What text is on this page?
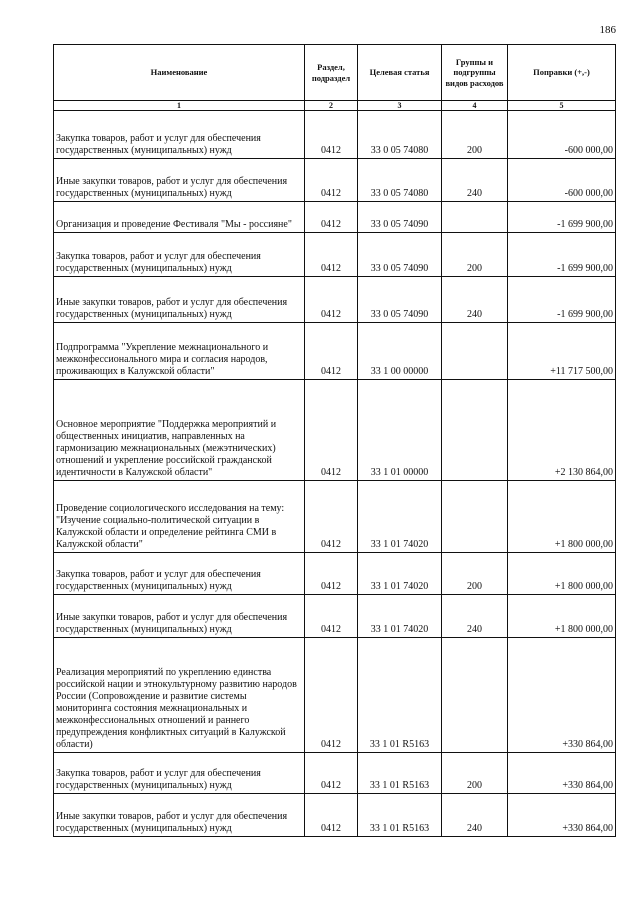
186
Наименование	Раздел, подраздел	Целевая статья	Группы и подгруппы видов расходов	Поправки (+,-)
1	2	3	4	5
Закупка товаров, работ и услуг для обеспечения государственных (муниципальных) нужд	0412	33 0 05 74080	200	-600 000,00
Иные закупки товаров, работ и услуг для обеспечения государственных (муниципальных) нужд	0412	33 0 05 74080	240	-600 000,00
Организация и проведение Фестиваля "Мы - россияне"	0412	33 0 05 74090		-1 699 900,00
Закупка товаров, работ и услуг для обеспечения государственных (муниципальных) нужд	0412	33 0 05 74090	200	-1 699 900,00
Иные закупки товаров, работ и услуг для обеспечения государственных (муниципальных) нужд	0412	33 0 05 74090	240	-1 699 900,00
Подпрограмма "Укрепление межнационального и межконфессионального мира и согласия народов, проживающих в Калужской области"	0412	33 1 00 00000		+11 717 500,00
Основное мероприятие "Поддержка мероприятий и общественных инициатив, направленных на гармонизацию межнациональных (межэтнических) отношений и укрепление российской гражданской идентичности в Калужской области"	0412	33 1 01 00000		+2 130 864,00
Проведение социологического исследования на тему: "Изучение социально-политической ситуации в Калужской области и определение рейтинга СМИ в Калужской области"	0412	33 1 01 74020		+1 800 000,00
Закупка товаров, работ и услуг для обеспечения государственных (муниципальных) нужд	0412	33 1 01 74020	200	+1 800 000,00
Иные закупки товаров, работ и услуг для обеспечения государственных (муниципальных) нужд	0412	33 1 01 74020	240	+1 800 000,00
Реализация мероприятий по укреплению единства российской нации и этнокультурному развитию народов России (Сопровождение и развитие системы мониторинга состояния межнациональных и межконфессиональных отношений и раннего предупреждения конфликтных ситуаций в Калужской области)	0412	33 1 01 R5163		+330 864,00
Закупка товаров, работ и услуг для обеспечения государственных (муниципальных) нужд	0412	33 1 01 R5163	200	+330 864,00
Иные закупки товаров, работ и услуг для обеспечения государственных (муниципальных) нужд	0412	33 1 01 R5163	240	+330 864,00
